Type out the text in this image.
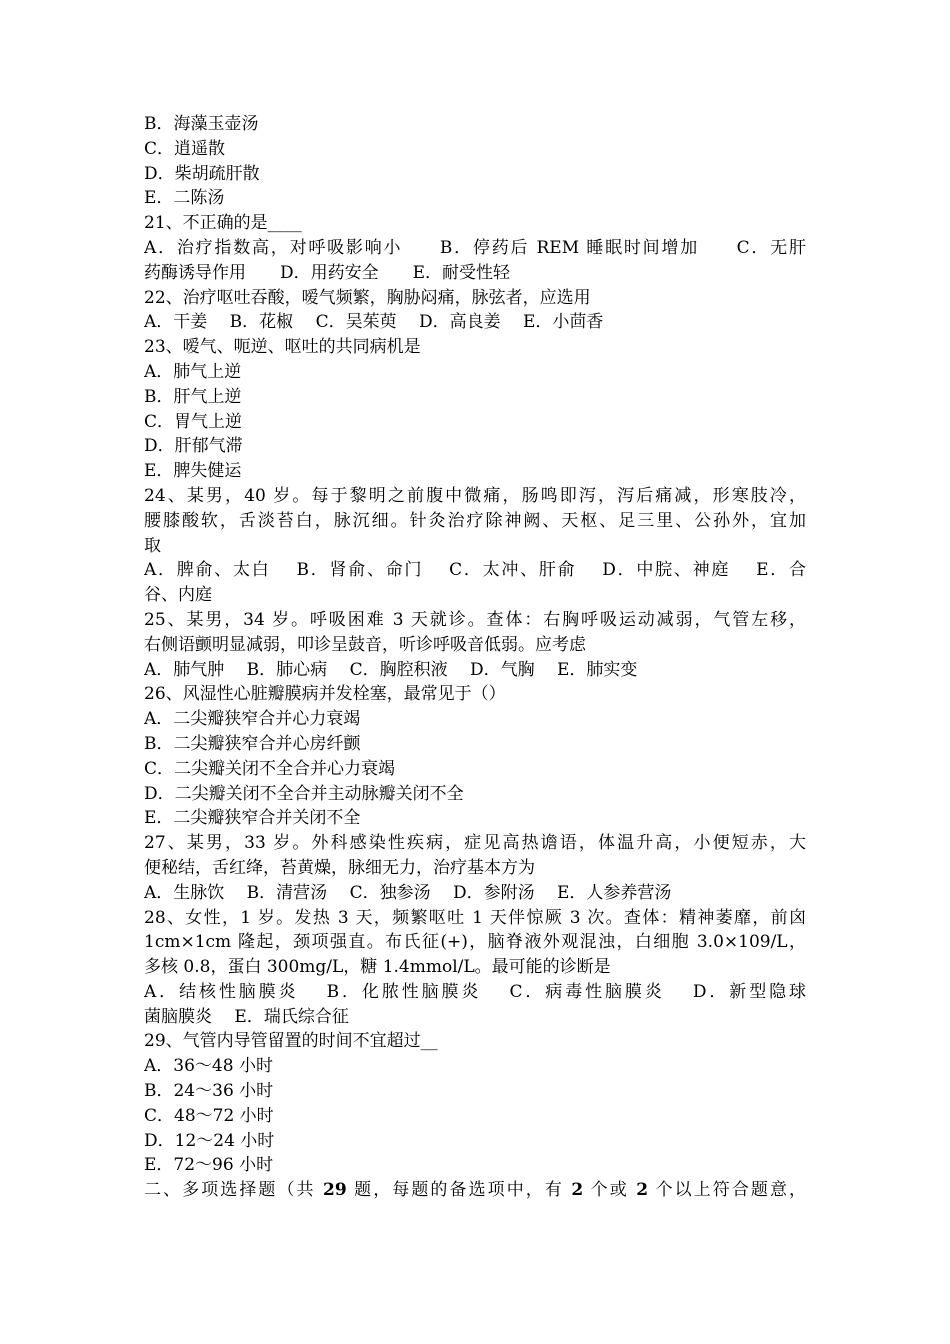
B．海藻玉壶汤
C．逍遥散
D．柴胡疏肝散
E．二陈汤
21、不正确的是____
A．治疗指数高，对呼吸影响小　　B．停药后 REM 睡眠时间增加　　C．无肝
药酶诱导作用　　D．用药安全　　E．耐受性轻
22、治疗呕吐吞酸，嗳气频繁，胸胁闷痛，脉弦者，应选用
A．干姜　 B．花椒　 C．吴茱萸　 D．高良姜　 E．小茴香
23、嗳气、呃逆、呕吐的共同病机是
A．肺气上逆
B．肝气上逆
C．胃气上逆
D．肝郁气滞
E．脾失健运
24、某男，40 岁。每于黎明之前腹中微痛，肠鸣即泻，泻后痛减，形寒肢冷，
腰膝酸软，舌淡苔白，脉沉细。针灸治疗除神阙、天枢、足三里、公孙外，宜加
取
A．脾俞、太白　 B．肾俞、命门　 C．太冲、肝俞　 D．中脘、神庭　 E．合
谷、内庭
25、某男，34 岁。呼吸困难 3 天就诊。查体：右胸呼吸运动减弱，气管左移，
右侧语颤明显减弱，叩诊呈鼓音，听诊呼吸音低弱。应考虑
A．肺气肿　 B．肺心病　 C．胸腔积液　 D．气胸　 E．肺实变
26、风湿性心脏瓣膜病并发栓塞，最常见于（）
A．二尖瓣狭窄合并心力衰竭
B．二尖瓣狭窄合并心房纤颤
C．二尖瓣关闭不全合并心力衰竭
D．二尖瓣关闭不全合并主动脉瓣关闭不全
E．二尖瓣狭窄合并关闭不全
27、某男，33 岁。外科感染性疾病，症见高热谵语，体温升高，小便短赤，大
便秘结，舌红绛，苔黄燥，脉细无力，治疗基本方为
A．生脉饮　 B．清营汤　 C．独参汤　 D．参附汤　 E．人参养营汤
28、女性，1 岁。发热 3 天，频繁呕吐 1 天伴惊厥 3 次。查体：精神萎靡，前囟
1cm×1cm 隆起，颈项强直。布氏征(+)，脑脊液外观混浊，白细胞 3.0×109/L，
多核 0.8，蛋白 300mg/L，糖 1.4mmol/L。最可能的诊断是
A．结核性脑膜炎　 B．化脓性脑膜炎　 C．病毒性脑膜炎　 D．新型隐球
菌脑膜炎　 E．瑞氏综合征
29、气管内导管留置的时间不宜超过__
A．36～48 小时
B．24～36 小时
C．48～72 小时
D．12～24 小时
E．72～96 小时
二、多项选择题（共 29 题，每题的备选项中，有 2 个或 2 个以上符合题意，
